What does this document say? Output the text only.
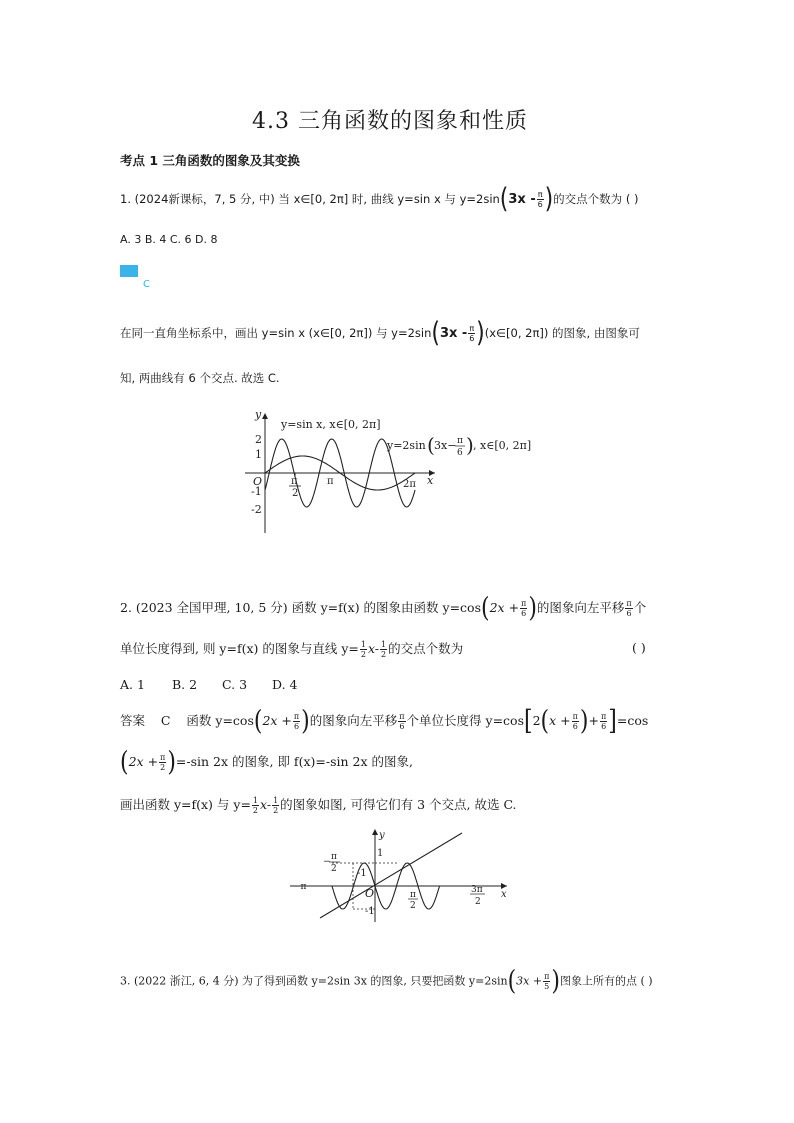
4.3 三角函数的图象和性质
考点 1 三角函数的图象及其变换
1. (2024新课标，7, 5 分, 中) 当 x∈[0, 2π] 时, 曲线 y=sin x 与 $y=2\sin(3x - \frac{\pi}{6}$ )的交点个数为 ( )
A. 3 B. 4 C. 6 D. 8
C
在同一直角坐标系中，画出 y=sin x (x∈[0, 2π]) 与 $y=2\sin(3x - \frac{\pi}{6}$ )(x∈[0, 2π]) 的图象, 由图象可
知, 两曲线有 6 个交点. 故选 C.
x
y
O
2
1
-1
-2
π
2
π	2π
y=sin x, x∈[0, 2π]
y=2sin ( 3x− π
6 ) , x∈[0, 2π]
2. (2023 全国甲理, 10, 5 分) 函数 y=f(x) 的图象由函数 $y=\cos(2x + \frac{\pi}{6}$ )的图象向左平移 $\frac{\pi}{6}$ 个
单位长度得到, 则 y=f(x) 的图象与直线 $y= \frac{1}{2} x- \frac{1}{2}$ 的交点个数为	( )
A. 1 B. 2 C. 3 D. 4
答案 C 函数 $y=\cos(2x + \frac{\pi}{6}$ )的图象向左平移 $\frac{\pi}{6}$ 个单位长度得 $y=\cos[2(x + \frac{\pi}{6}$ )+ $\frac{\pi}{6} ]=\cos$
$(2x + \frac{\pi}{2} )=-\sin$ 2x 的图象, 即 f(x)=-sin 2x 的图象,
画出函数 y=f(x) 与 $y= \frac{1}{2} x- \frac{1}{2}$ 的图象如图, 可得它们有 3 个交点, 故选 C.
y
x
O
1
-1
-1
−π
− π
2
π
2
3π
2
3. (2022 浙江, 6, 4 分) 为了得到函数 y=2sin 3x 的图象, 只要把函数 $y=2\sin(3x + \frac{\pi}{5}$ )图象上所有的点 ( )
